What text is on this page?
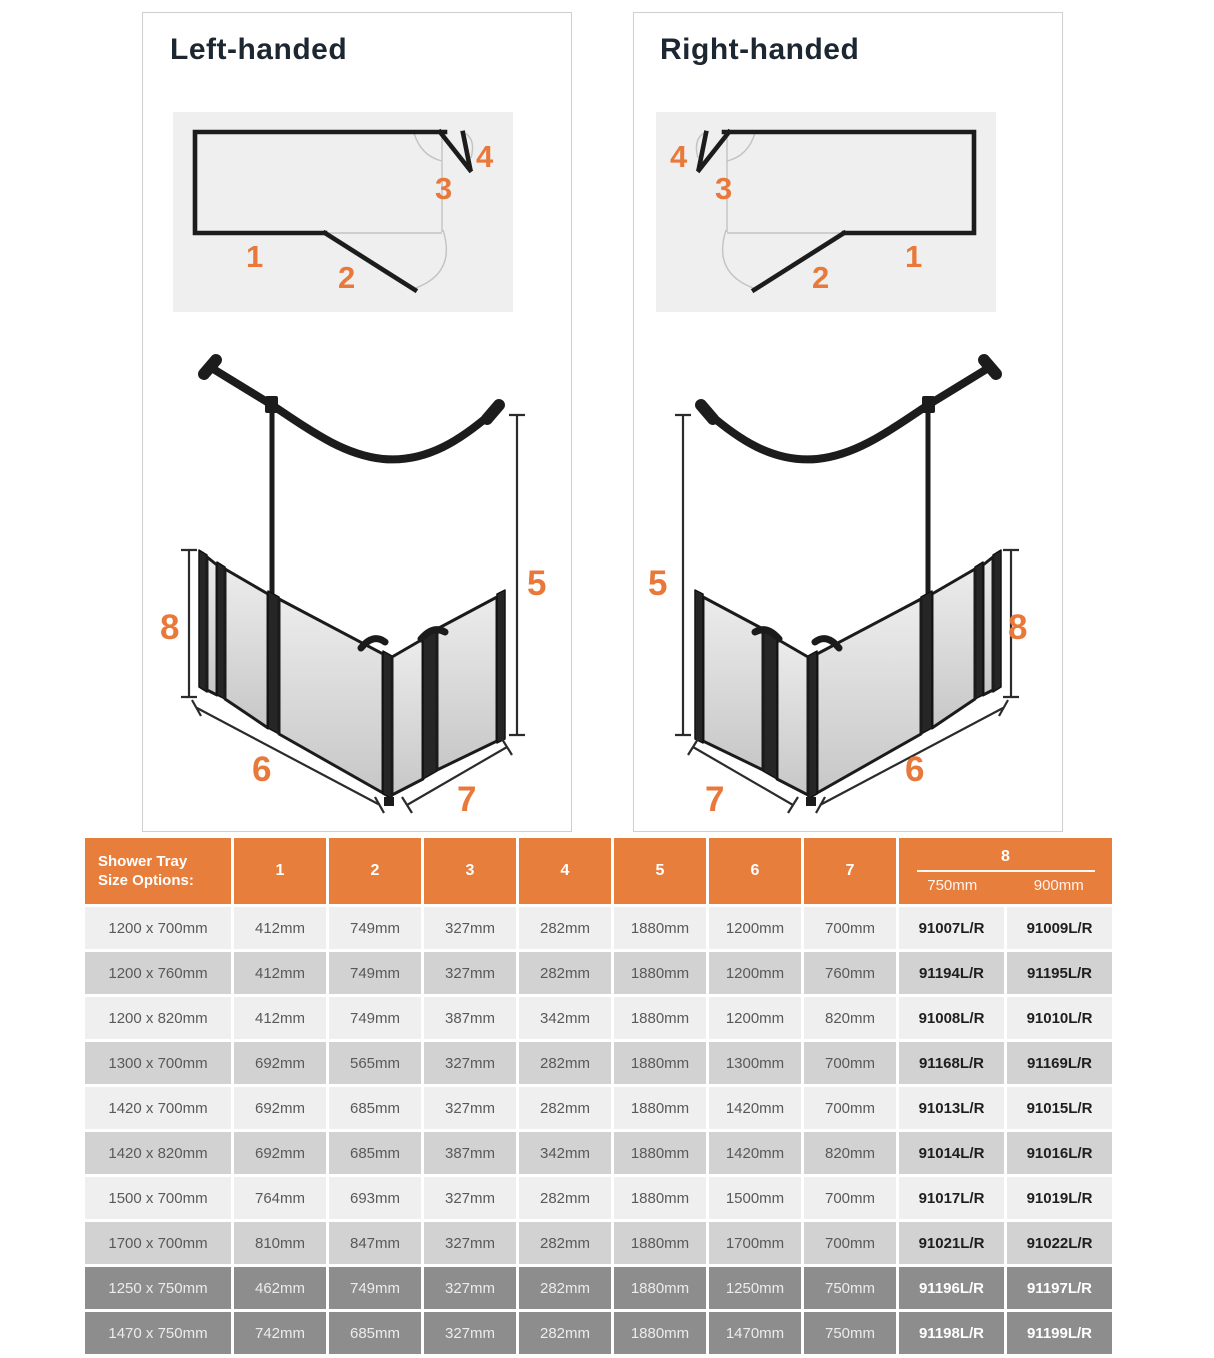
Left-handed	Right-handed
1
2
3
4
1
2
3
4
5
8
6
7
5
8
6
7
Shower Tray
Size Options:
1	2	3	4	5	6	7
8
750mm	900mm
1200 x 700mm	412mm	749mm	327mm	282mm	1880mm	1200mm	700mm	91007L/R	91009L/R
1200 x 760mm	412mm	749mm	327mm	282mm	1880mm	1200mm	760mm	91194L/R	91195L/R
1200 x 820mm	412mm	749mm	387mm	342mm	1880mm	1200mm	820mm	91008L/R	91010L/R
1300 x 700mm	692mm	565mm	327mm	282mm	1880mm	1300mm	700mm	91168L/R	91169L/R
1420 x 700mm	692mm	685mm	327mm	282mm	1880mm	1420mm	700mm	91013L/R	91015L/R
1420 x 820mm	692mm	685mm	387mm	342mm	1880mm	1420mm	820mm	91014L/R	91016L/R
1500 x 700mm	764mm	693mm	327mm	282mm	1880mm	1500mm	700mm	91017L/R	91019L/R
1700 x 700mm	810mm	847mm	327mm	282mm	1880mm	1700mm	700mm	91021L/R	91022L/R
1250 x 750mm	462mm	749mm	327mm	282mm	1880mm	1250mm	750mm	91196L/R	91197L/R
1470 x 750mm	742mm	685mm	327mm	282mm	1880mm	1470mm	750mm	91198L/R	91199L/R
